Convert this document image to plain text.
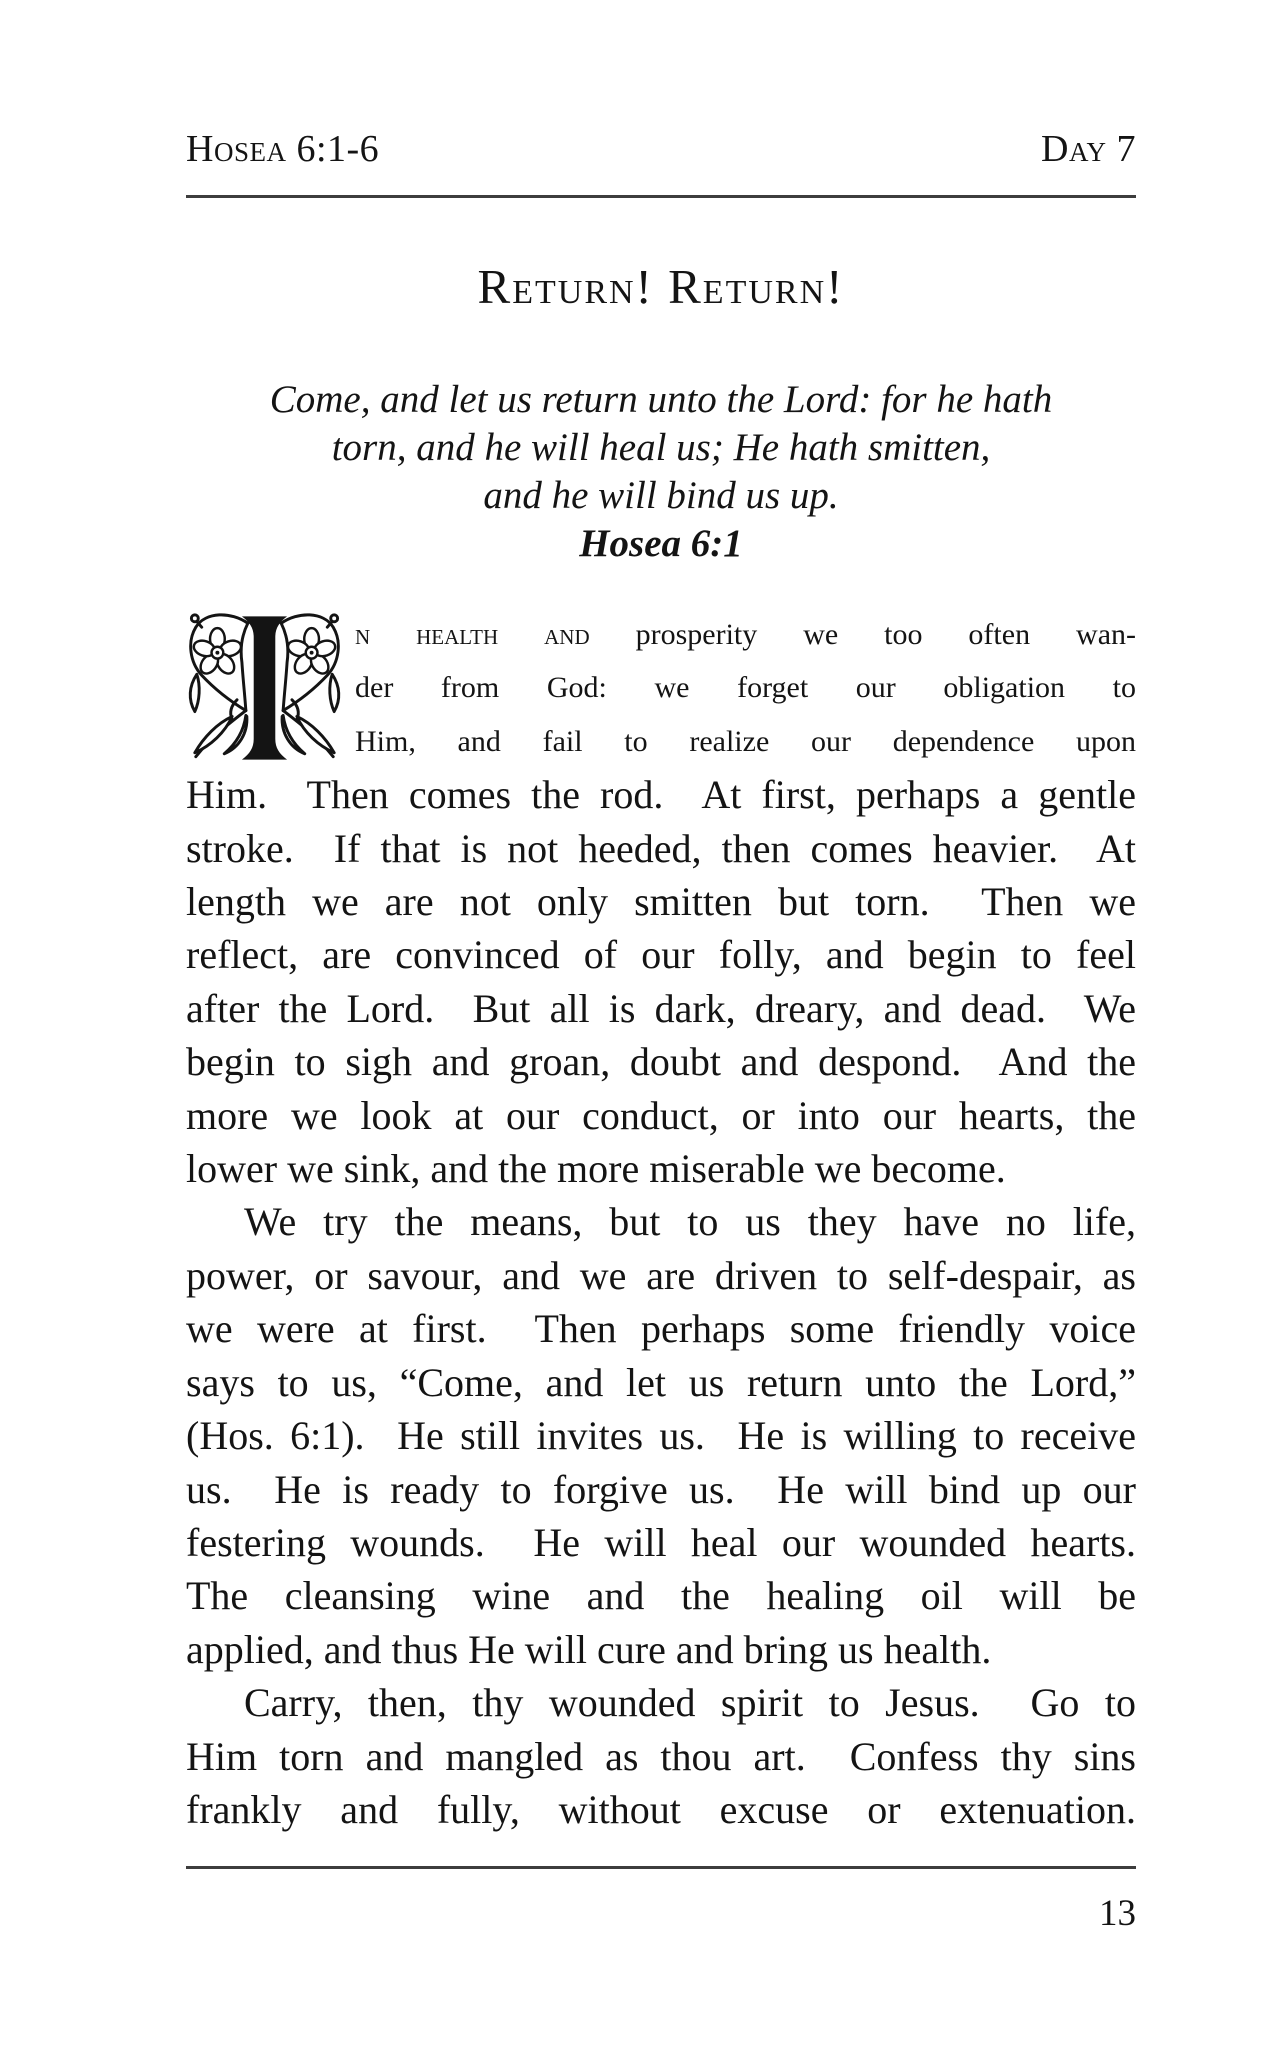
Hosea 6:1-6	Day 7
Return! Return!
Come, and let us return unto the Lord: for he hath
torn, and he will heal us; He hath smitten,
and he will bind us up.
Hosea 6:1
n health and prosperity we too often wan-
der from God: we forget our obligation to
Him, and fail to realize our dependence upon
Him.  Then comes the rod.  At first, perhaps a gentle
stroke.  If that is not heeded, then comes heavier.  At
length we are not only smitten but torn.  Then we
reflect, are convinced of our folly, and begin to feel
after the Lord.  But all is dark, dreary, and dead.  We
begin to sigh and groan, doubt and despond.  And the
more we look at our conduct, or into our hearts, the
lower we sink, and the more miserable we become.
We try the means, but to us they have no life,
power, or savour, and we are driven to self-despair, as
we were at first.  Then perhaps some friendly voice
says to us, “Come, and let us return unto the Lord,”
(Hos. 6:1).  He still invites us.  He is willing to receive
us.  He is ready to forgive us.  He will bind up our
festering wounds.  He will heal our wounded hearts.
The cleansing wine and the healing oil will be
applied, and thus He will cure and bring us health.
Carry, then, thy wounded spirit to Jesus.  Go to
Him torn and mangled as thou art.  Confess thy sins
frankly and fully, without excuse or extenuation.
13
